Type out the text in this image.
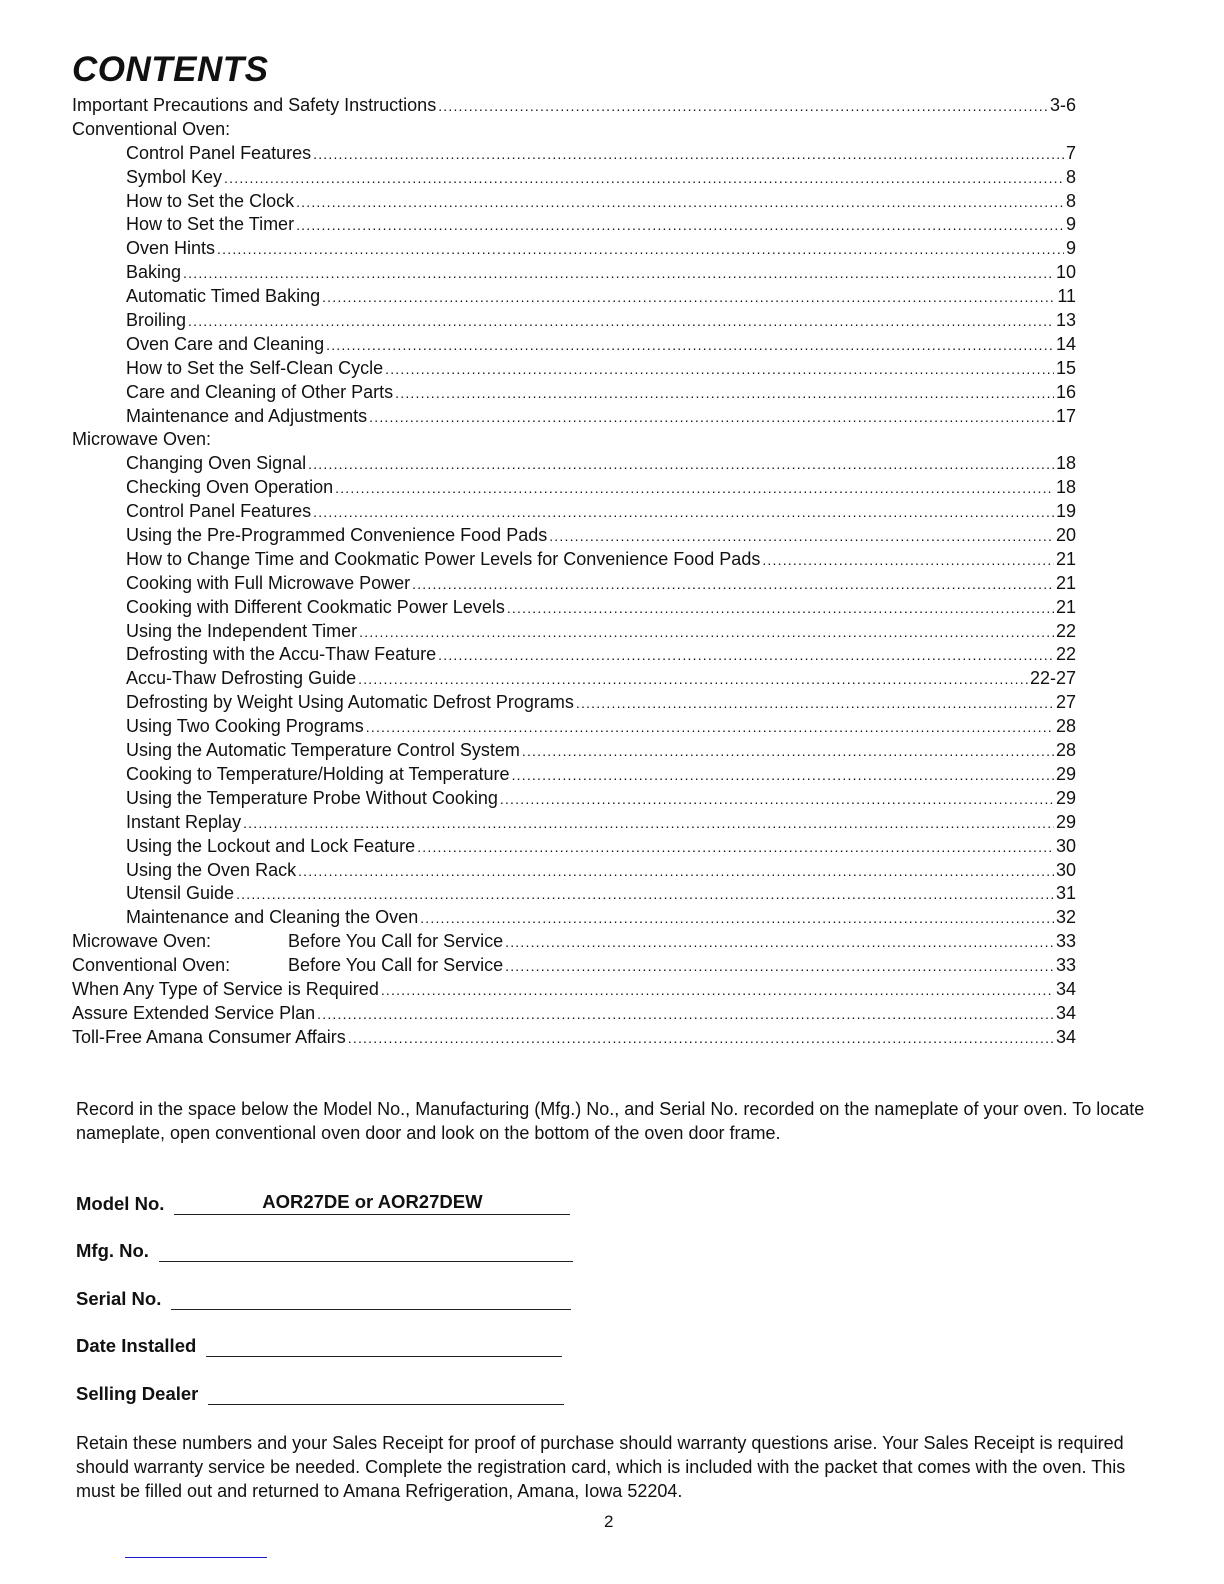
CONTENTS
Important Precautions and Safety Instructions .....	3-6
Conventional Oven:
Control Panel Features .....	7
Symbol Key .....	8
How to Set the Clock .....	8
How to Set the Timer .....	9
Oven Hints .....	9
Baking .....	10
Automatic Timed Baking .....	11
Broiling .....	13
Oven Care and Cleaning .....	14
How to Set the Self-Clean Cycle .....	15
Care and Cleaning of Other Parts .....	16
Maintenance and Adjustments .....	17
Microwave Oven:
Changing Oven Signal .....	18
Checking Oven Operation .....	18
Control Panel Features .....	19
Using the Pre-Programmed Convenience Food Pads .....	20
How to Change Time and Cookmatic Power Levels for Convenience Food Pads .....	21
Cooking with Full Microwave Power .....	21
Cooking with Different Cookmatic Power Levels .....	21
Using the Independent Timer .....	22
Defrosting with the Accu-Thaw Feature .....	22
Accu-Thaw Defrosting Guide .....	22-27
Defrosting by Weight Using Automatic Defrost Programs .....	27
Using Two Cooking Programs .....	28
Using the Automatic Temperature Control System .....	28
Cooking to Temperature/Holding at Temperature .....	29
Using the Temperature Probe Without Cooking .....	29
Instant Replay .....	29
Using the Lockout and Lock Feature .....	30
Using the Oven Rack .....	30
Utensil Guide .....	31
Maintenance and Cleaning the Oven .....	32
Microwave Oven:	Before You Call for Service .....	33
Conventional Oven:	Before You Call for Service .....	33
When Any Type of Service is Required .....	34
Assure Extended Service Plan .....	34
Toll-Free Amana Consumer Affairs .....	34

Record in the space below the Model No., Manufacturing (Mfg.) No., and Serial No. recorded on the nameplate of your oven. To locate nameplate, open conventional oven door and look on the bottom of the oven door frame.

Model No.	AOR27DE or AOR27DEW
Mfg. No.
Serial No.
Date Installed
Selling Dealer

Retain these numbers and your Sales Receipt for proof of purchase should warranty questions arise. Your Sales Receipt is required should warranty service be needed. Complete the registration card, which is included with the packet that comes with the oven. This must be filled out and returned to Amana Refrigeration, Amana, Iowa 52204.

2
